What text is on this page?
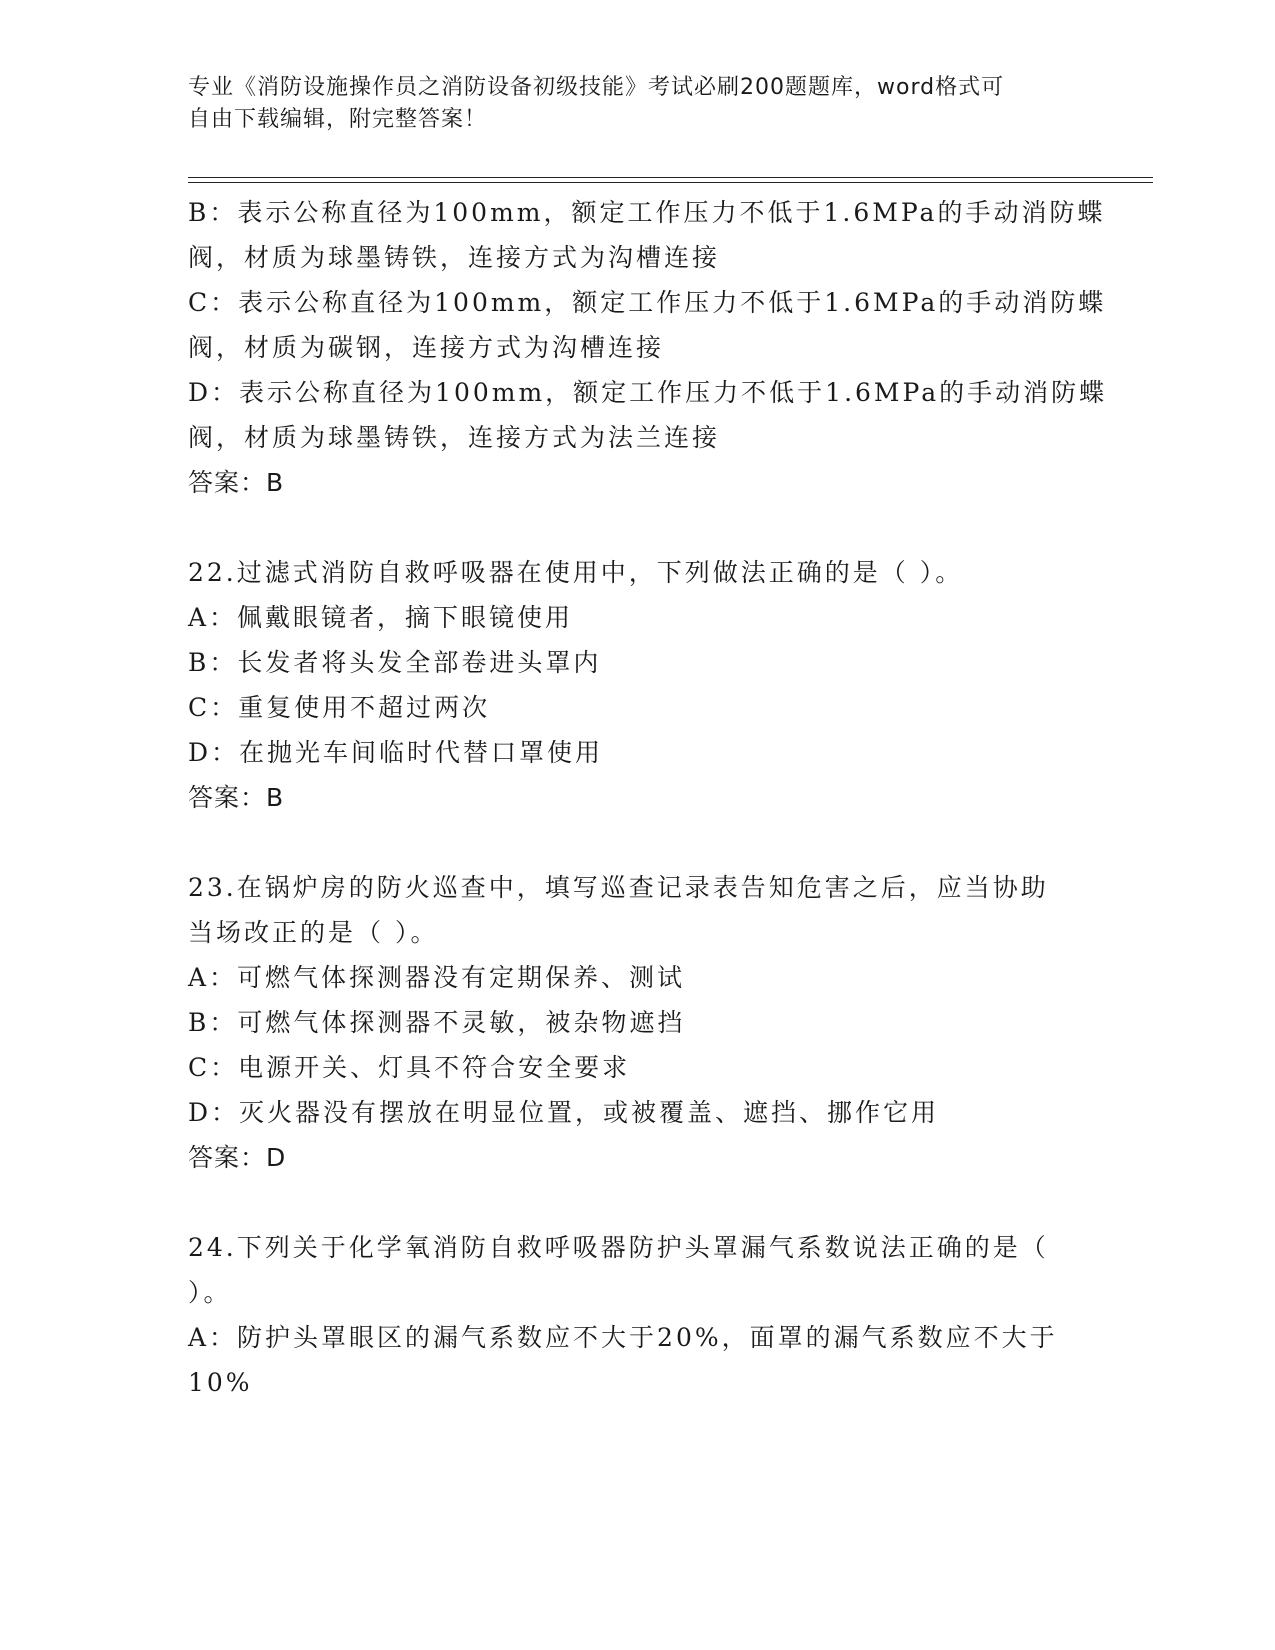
专业《消防设施操作员之消防设备初级技能》考试必刷200题题库，word格式可
自由下载编辑，附完整答案！
B：表示公称直径为100mm，额定工作压力不低于1.6MPa的手动消防蝶
阀，材质为球墨铸铁，连接方式为沟槽连接
C：表示公称直径为100mm，额定工作压力不低于1.6MPa的手动消防蝶
阀，材质为碳钢，连接方式为沟槽连接
D：表示公称直径为100mm，额定工作压力不低于1.6MPa的手动消防蝶
阀，材质为球墨铸铁，连接方式为法兰连接
答案：B
22.过滤式消防自救呼吸器在使用中，下列做法正确的是（ ）。
A：佩戴眼镜者，摘下眼镜使用
B：长发者将头发全部卷进头罩内
C：重复使用不超过两次
D：在抛光车间临时代替口罩使用
答案：B
23.在锅炉房的防火巡查中，填写巡查记录表告知危害之后，应当协助
当场改正的是（ ）。
A：可燃气体探测器没有定期保养、测试
B：可燃气体探测器不灵敏，被杂物遮挡
C：电源开关、灯具不符合安全要求
D：灭火器没有摆放在明显位置，或被覆盖、遮挡、挪作它用
答案：D
24.下列关于化学氧消防自救呼吸器防护头罩漏气系数说法正确的是（
）。
A：防护头罩眼区的漏气系数应不大于20%，面罩的漏气系数应不大于
10%
